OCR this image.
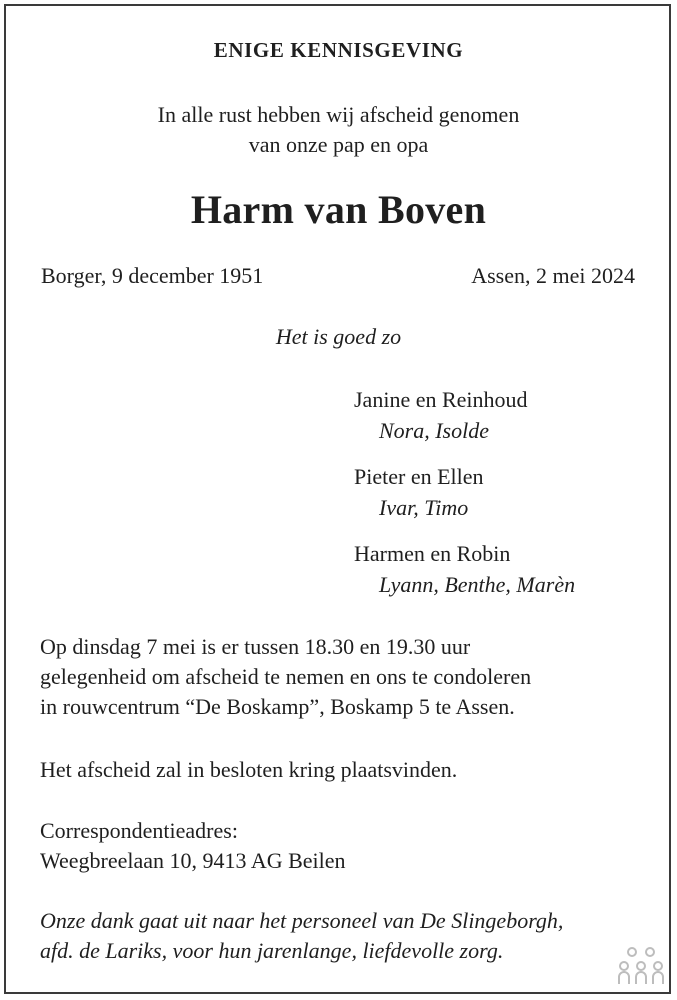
ENIGE KENNISGEVING
In alle rust hebben wij afscheid genomen
van onze pap en opa
Harm van Boven
Borger, 9 december 1951	Assen, 2 mei 2024
Het is goed zo
Janine en Reinhoud
Nora, Isolde
Pieter en Ellen
Ivar, Timo
Harmen en Robin
Lyann, Benthe, Marèn
Op dinsdag 7 mei is er tussen 18.30 en 19.30 uur
gelegenheid om afscheid te nemen en ons te condoleren
in rouwcentrum “De Boskamp”, Boskamp 5 te Assen.
Het afscheid zal in besloten kring plaatsvinden.
Correspondentieadres:
Weegbreelaan 10, 9413 AG Beilen
Onze dank gaat uit naar het personeel van De Slingeborgh,
afd. de Lariks, voor hun jarenlange, liefdevolle zorg.
